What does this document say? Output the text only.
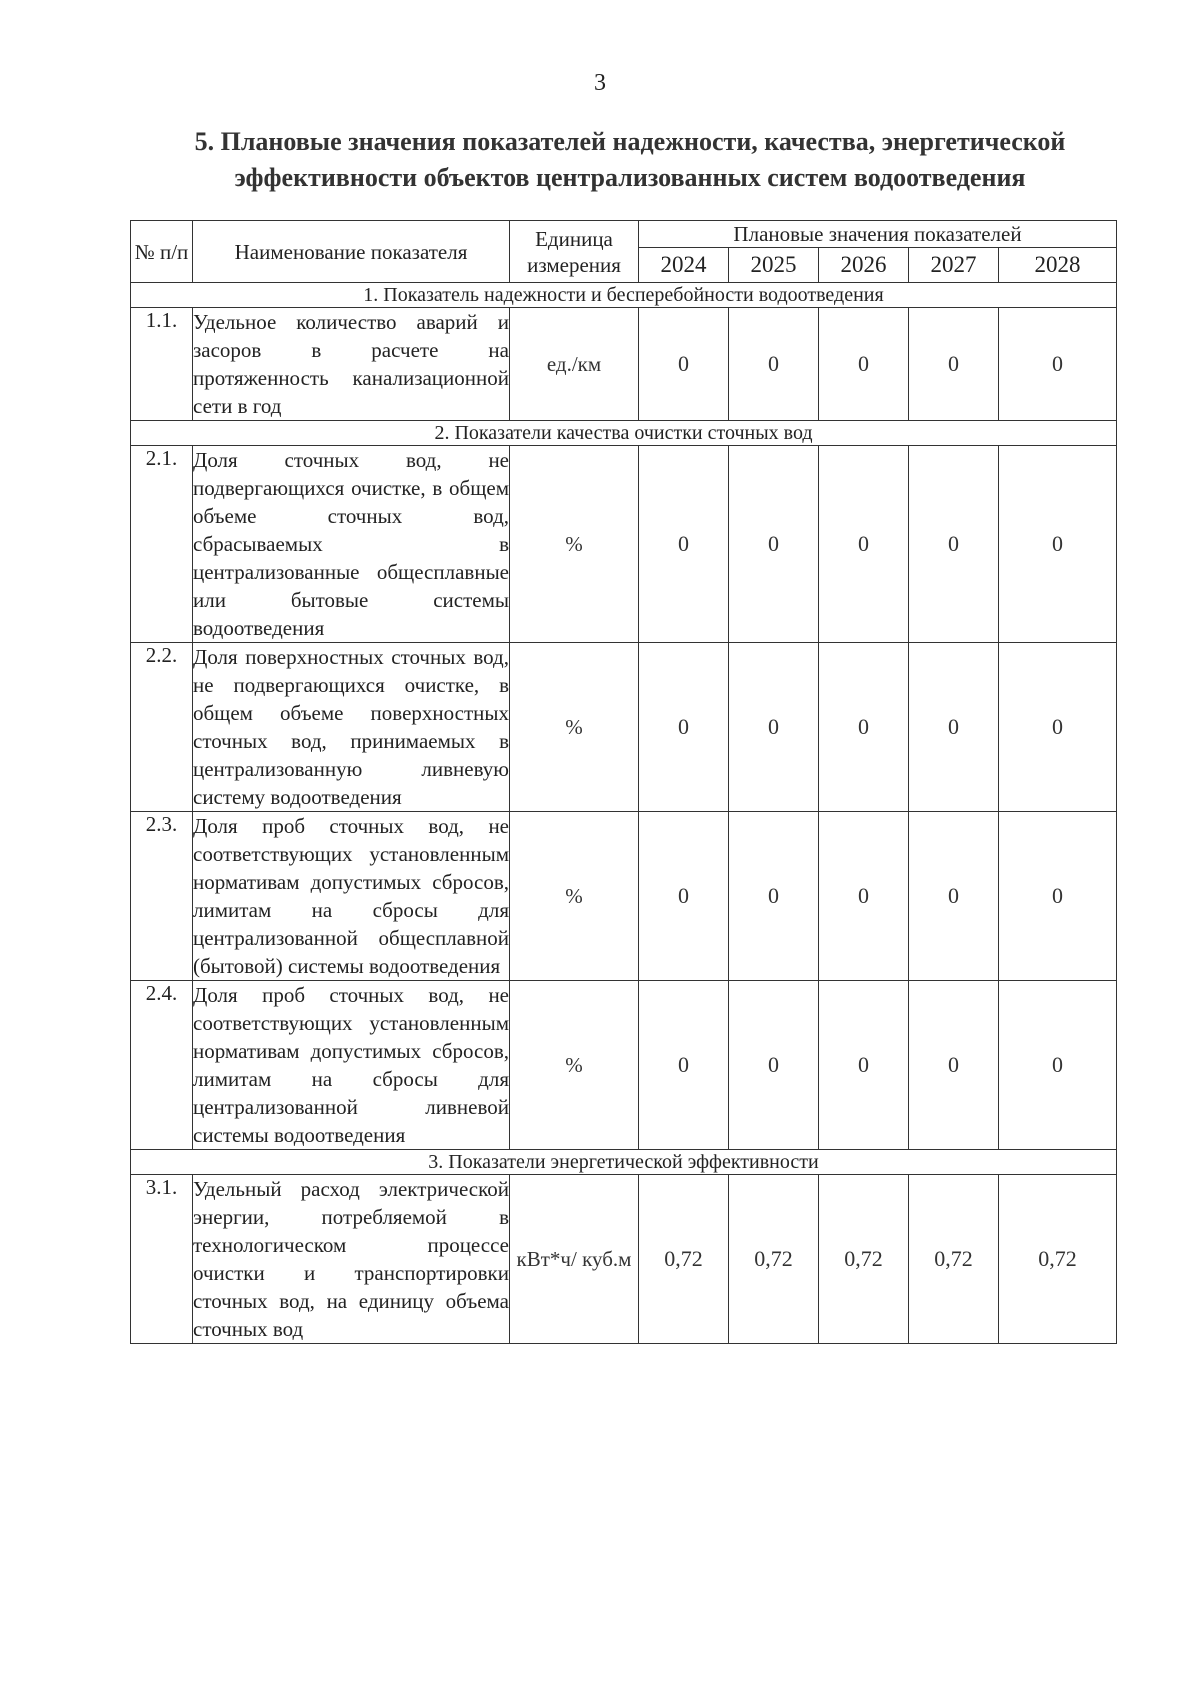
3
5. Плановые значения показателей надежности, качества, энергетической эффективности объектов централизованных систем водоотведения
№ п/п	Наименование показателя	Единица измерения	Плановые значения показателей				
			2024	2025	2026	2027	2028
1. Показатель надежности и бесперебойности водоотведения							
1.1.	Удельное количество аварий и засоров в расчете на протяженность канализационной сети в год	ед./км	0	0	0	0	0
2. Показатели качества очистки сточных вод							
2.1.	Доля сточных вод, не подвергающихся очистке, в общем объеме сточных вод, сбрасываемых в централизованные общесплавные или бытовые системы водоотведения	%	0	0	0	0	0
2.2.	Доля поверхностных сточных вод, не подвергающихся очистке, в общем объеме поверхностных сточных вод, принимаемых в централизованную ливневую систему водоотведения	%	0	0	0	0	0
2.3.	Доля проб сточных вод, не соответствующих установленным нормативам допустимых сбросов, лимитам на сбросы для централизованной общесплавной (бытовой) системы водоотведения	%	0	0	0	0	0
2.4.	Доля проб сточных вод, не соответствующих установленным нормативам допустимых сбросов, лимитам на сбросы для централизованной ливневой системы водоотведения	%	0	0	0	0	0
3. Показатели энергетической эффективности							
3.1.	Удельный расход электрической энергии, потребляемой в технологическом процессе очистки и транспортировки сточных вод, на единицу объема сточных вод	кВт*ч/ куб.м	0,72	0,72	0,72	0,72	0,72
